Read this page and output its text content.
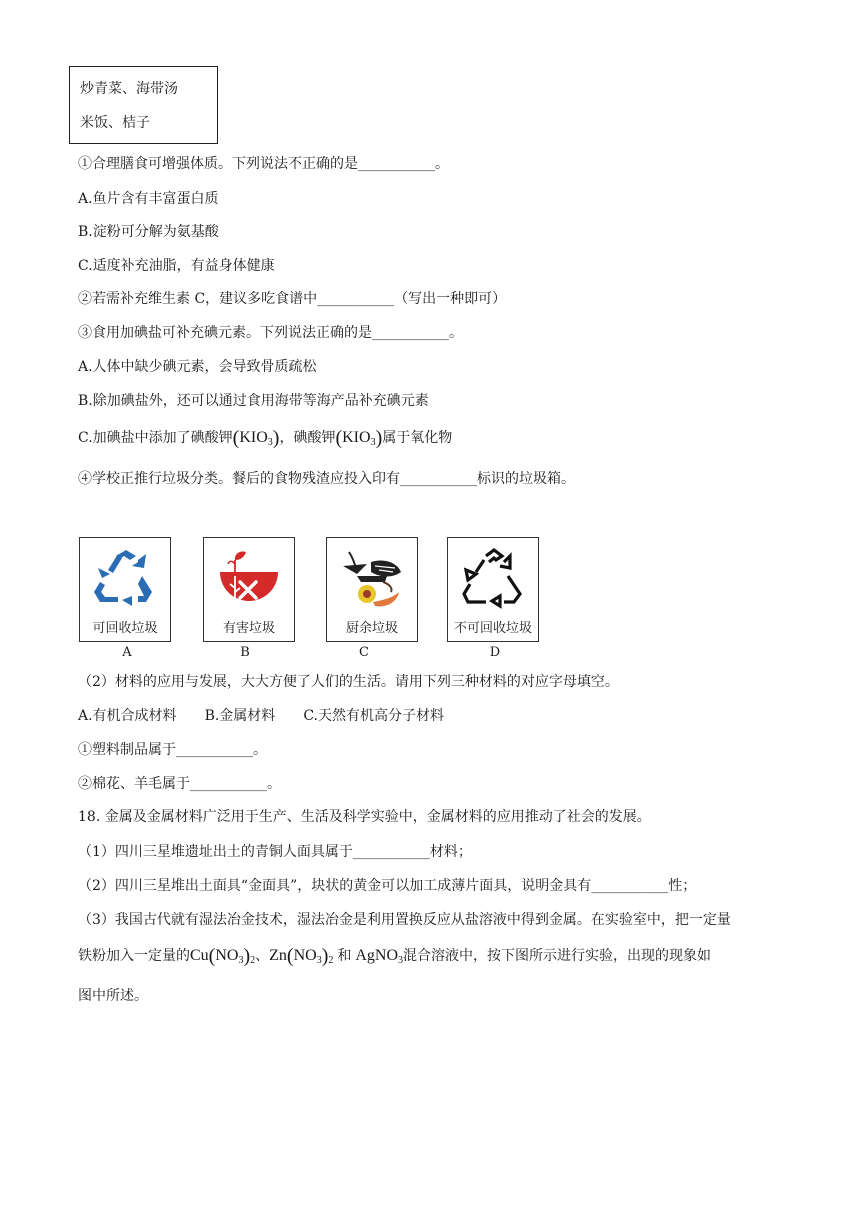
炒青菜、海带汤
米饭、桔子
①合理膳食可增强体质。下列说法不正确的是___________。
A.鱼片含有丰富蛋白质
B.淀粉可分解为氨基酸
C.适度补充油脂，有益身体健康
②若需补充维生素 C，建议多吃食谱中___________（写出一种即可）
③食用加碘盐可补充碘元素。下列说法正确的是___________。
A.人体中缺少碘元素，会导致骨质疏松
B.除加碘盐外，还可以通过食用海带等海产品补充碘元素
C.加碘盐中添加了碘酸钾$(KIO_3)$，碘酸钾$(KIO_3)$属于氧化物
④学校正推行垃圾分类。餐后的食物残渣应投入印有___________标识的垃圾箱。
可回收垃圾	有害垃圾	厨余垃圾	不可回收垃圾
A	B	C	D
（2）材料的应用与发展，大大方便了人们的生活。请用下列三种材料的对应字母填空。
A.有机合成材料 B.金属材料 C.天然有机高分子材料
①塑料制品属于___________。
②棉花、羊毛属于___________。
18. 金属及金属材料广泛用于生产、生活及科学实验中，金属材料的应用推动了社会的发展。
（1）四川三星堆遗址出土的青铜人面具属于___________材料；
（2）四川三星堆出土面具“金面具”，块状的黄金可以加工成薄片面具，说明金具有___________性；
（3）我国古代就有湿法冶金技术，湿法冶金是利用置换反应从盐溶液中得到金属。在实验室中，把一定量
铁粉加入一定量的$Cu(NO_3)_2$、$Zn(NO_3)_2$ 和 AgNO$_3$混合溶液中，按下图所示进行实验，出现的现象如
图中所述。
